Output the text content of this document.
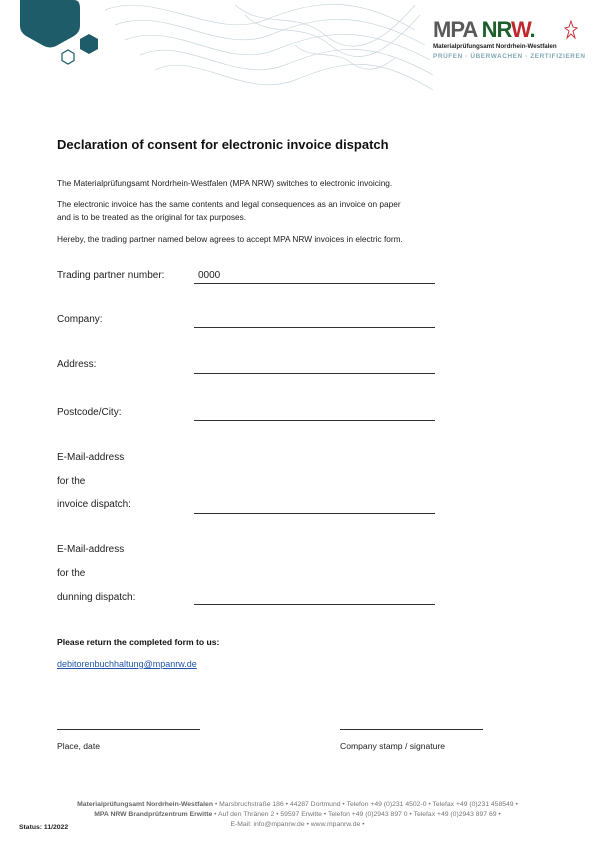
MPA NRW.
Materialprüfungsamt Nordrhein-Westfalen
PRÜFEN · ÜBERWACHEN · ZERTIFIZIEREN
Declaration of consent for electronic invoice dispatch
The Materialprüfungsamt Nordrhein-Westfalen (MPA NRW) switches to electronic invoicing.
The electronic invoice has the same contents and legal consequences as an invoice on paper
and is to be treated as the original for tax purposes.
Hereby, the trading partner named below agrees to accept MPA NRW invoices in electric form.
Trading partner number:	0000
Company:
Address:
Postcode/City:
E-Mail-address
for the
invoice dispatch:
E-Mail-address
for the
dunning dispatch:
Please return the completed form to us:
debitorenbuchhaltung@mpanrw.de
Place, date	Company stamp / signature
Materialprüfungsamt Nordrhein-Westfalen • Marsbruchstraße 186 • 44287 Dortmund • Telefon +49 (0)231 4502-0 • Telefax +49 (0)231 458549 •
MPA NRW Brandprüfzentrum Erwitte • Auf den Thränen 2 • 59597 Erwitte • Telefon +49 (0)2943 897 0 • Telefax +49 (0)2943 897 69 •
E-Mail: info@mpanrw.de • www.mpanrw.de •
Status: 11/2022
